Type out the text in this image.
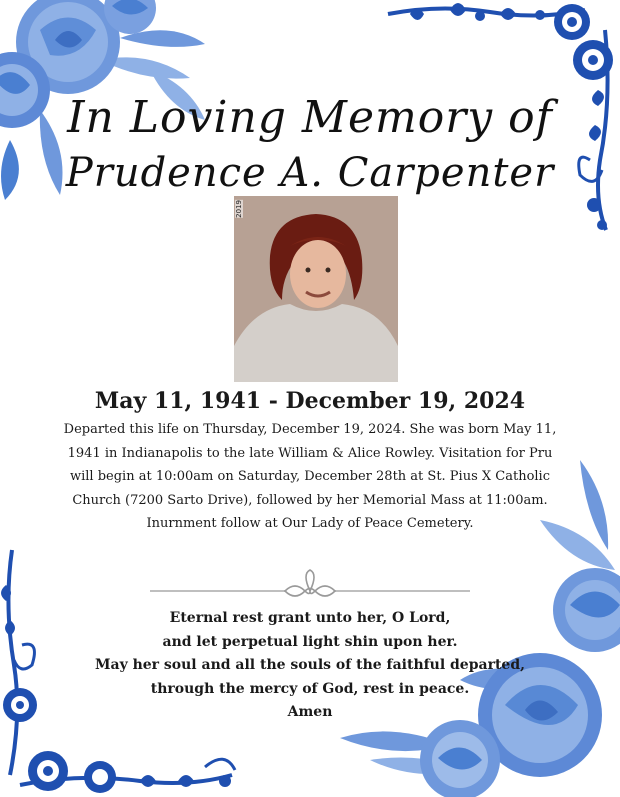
In Loving Memory of
Prudence A. Carpenter
2019
May 11, 1941 - December 19, 2024
Departed this life on Thursday, December 19, 2024. She was born May 11, 1941 in Indianapolis to the late William & Alice Rowley. Visitation for Pru will begin at 10:00am on Saturday, December 28th at St. Pius X Catholic Church (7200 Sarto Drive), followed by her Memorial Mass at 11:00am. Inurnment follow at Our Lady of Peace Cemetery.
Eternal rest grant unto her, O Lord,
and let perpetual light shin upon her.
May her soul and all the souls of the faithful departed,
through the mercy of God, rest in peace.
Amen
